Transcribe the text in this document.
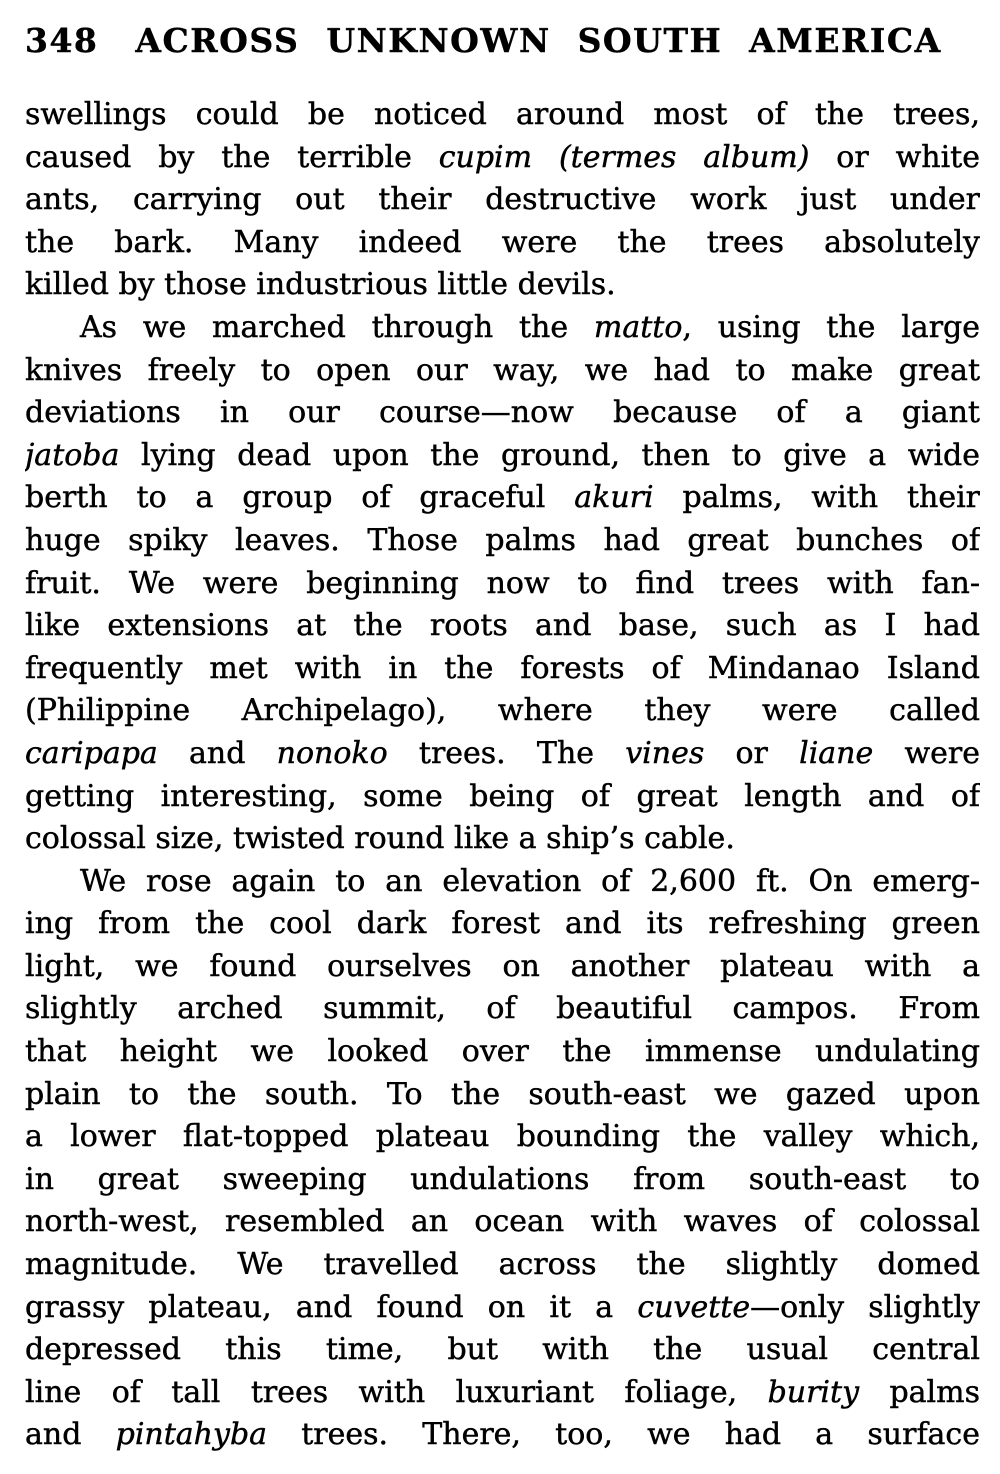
348 ACROSS UNKNOWN SOUTH AMERICA
swellings could be noticed around most of the trees,
caused by the terrible cupim (termes album) or white
ants, carrying out their destructive work just under
the bark. Many indeed were the trees absolutely
killed by those industrious little devils.
As we marched through the matto, using the large
knives freely to open our way, we had to make great
deviations in our course—now because of a giant
jatoba lying dead upon the ground, then to give a wide
berth to a group of graceful akuri palms, with their
huge spiky leaves. Those palms had great bunches of
fruit. We were beginning now to find trees with fan-
like extensions at the roots and base, such as I had
frequently met with in the forests of Mindanao Island
(Philippine Archipelago), where they were called
caripapa and nonoko trees. The vines or liane were
getting interesting, some being of great length and of
colossal size, twisted round like a ship’s cable.
We rose again to an elevation of 2,600 ft. On emerg-
ing from the cool dark forest and its refreshing green
light, we found ourselves on another plateau with a
slightly arched summit, of beautiful campos. From
that height we looked over the immense undulating
plain to the south. To the south-east we gazed upon
a lower flat-topped plateau bounding the valley which,
in great sweeping undulations from south-east to
north-west, resembled an ocean with waves of colossal
magnitude. We travelled across the slightly domed
grassy plateau, and found on it a cuvette—only slightly
depressed this time, but with the usual central
line of tall trees with luxuriant foliage, burity palms
and pintahyba trees. There, too, we had a surface
